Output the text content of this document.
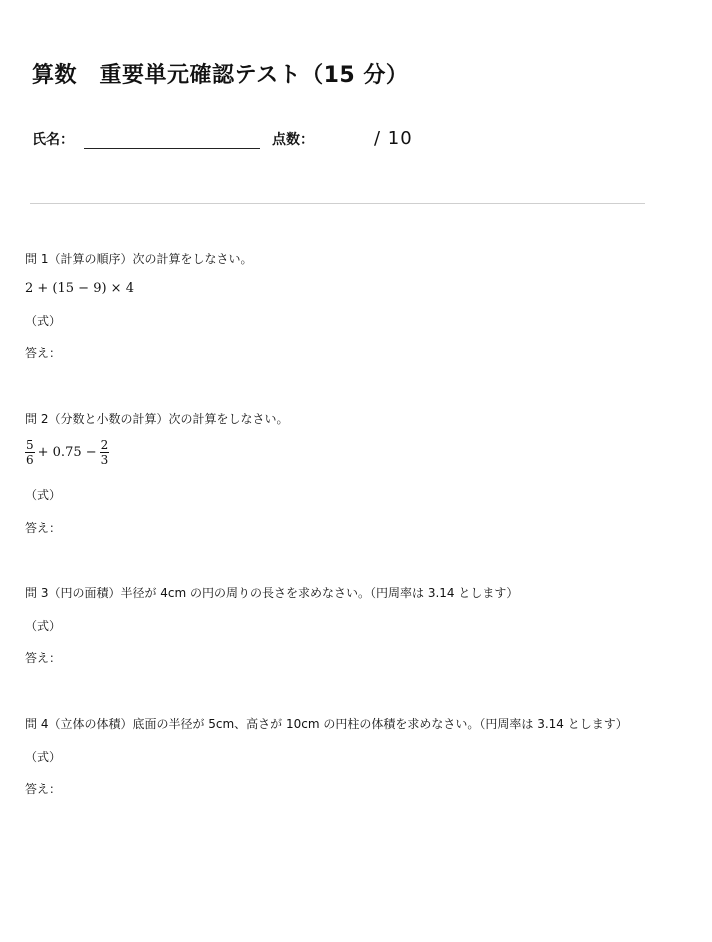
算数　重要単元確認テスト（15 分）
氏名：	点数：	/ 10
問 1（計算の順序）次の計算をしなさい。
2 + (15 − 9) × 4
（式）
答え：
問 2（分数と小数の計算）次の計算をしなさい。
$\frac{5}{6} + 0.75 - \frac{2}{3}$
（式）
答え：
問 3（円の面積）半径が 4cm の円の周りの長さを求めなさい。（円周率は 3.14 とします）
（式）
答え：
問 4（立体の体積）底面の半径が 5cm、高さが 10cm の円柱の体積を求めなさい。（円周率は 3.14 とします）
（式）
答え：
